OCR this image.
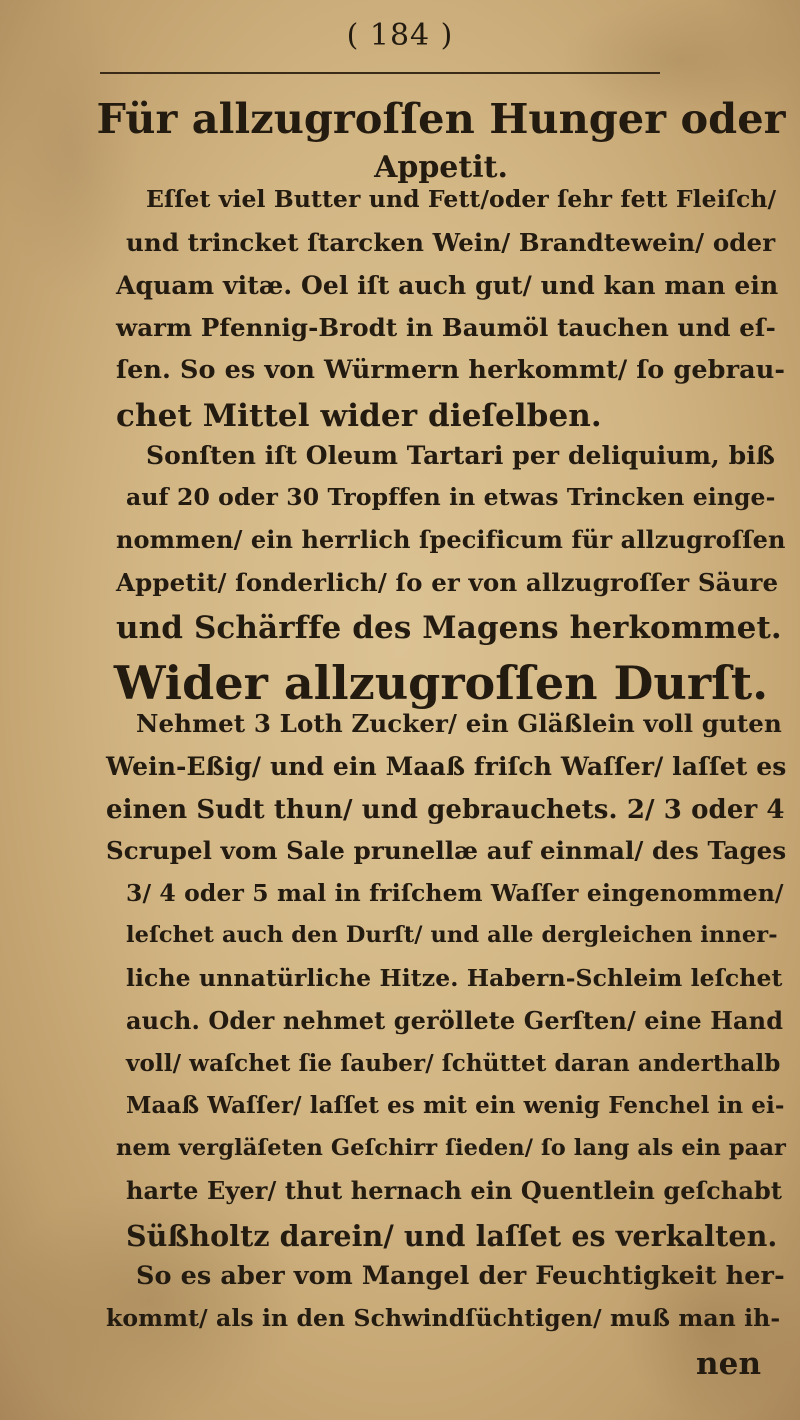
( 184 )
Für allzugroſſen Hunger oder
Appetit.
Eſſet viel Butter und Fett/oder ſehr fett Fleiſch/
und trincket ſtarcken Wein/ Brandtewein/ oder
Aquam vitæ. Oel iſt auch gut/ und kan man ein
warm Pfennig-Brodt in Baumöl tauchen und eſ-
ſen. So es von Würmern herkommt/ ſo gebrau-
chet Mittel wider dieſelben.
Sonſten iſt Oleum Tartari per deliquium, biß
auf 20 oder 30 Tropffen in etwas Trincken einge-
nommen/ ein herrlich ſpecificum für allzugroſſen
Appetit/ ſonderlich/ ſo er von allzugroſſer Säure
und Schärffe des Magens herkommet.
Wider allzugroſſen Durſt.
Nehmet 3 Loth Zucker/ ein Gläßlein voll guten
Wein-Eßig/ und ein Maaß friſch Waſſer/ laſſet es
einen Sudt thun/ und gebrauchets. 2/ 3 oder 4
Scrupel vom Sale prunellæ auf einmal/ des Tages
3/ 4 oder 5 mal in friſchem Waſſer eingenommen/
leſchet auch den Durſt/ und alle dergleichen inner-
liche unnatürliche Hitze. Habern-Schleim leſchet
auch. Oder nehmet geröllete Gerſten/ eine Hand
voll/ waſchet ſie ſauber/ ſchüttet daran anderthalb
Maaß Waſſer/ laſſet es mit ein wenig Fenchel in ei-
nem vergläſeten Geſchirr ſieden/ ſo lang als ein paar
harte Eyer/ thut hernach ein Quentlein geſchabt
Süßholtz darein/ und laſſet es verkalten.
So es aber vom Mangel der Feuchtigkeit her-
kommt/ als in den Schwindſüchtigen/ muß man ih-
nen
